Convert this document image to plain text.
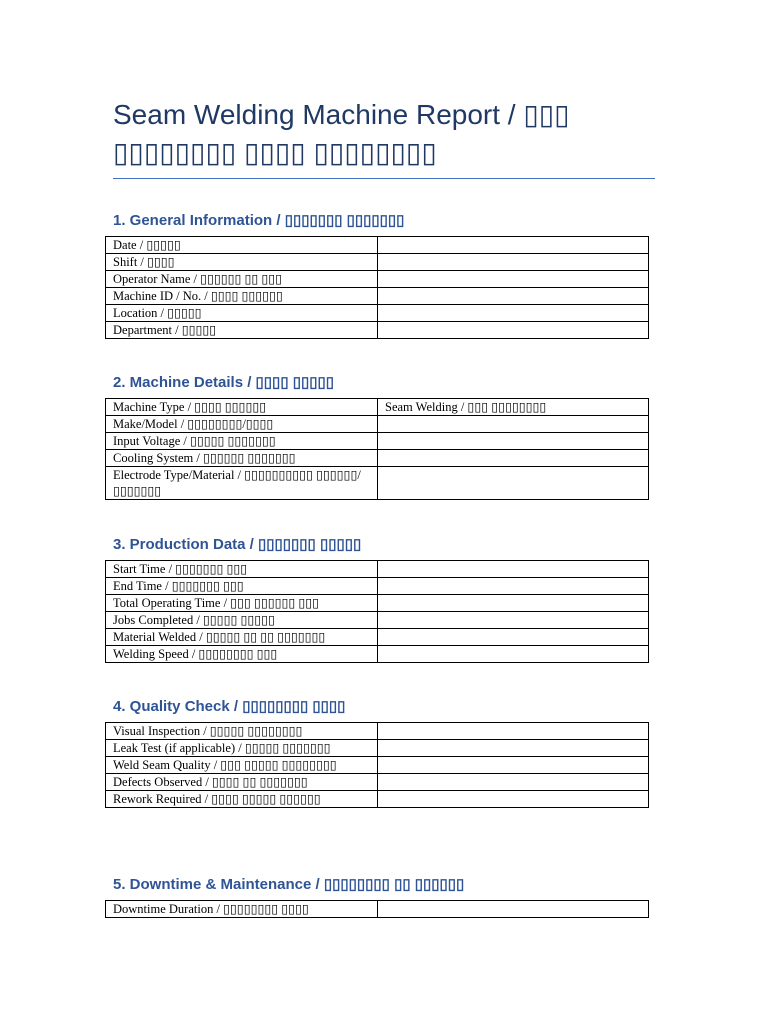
Seam Welding Machine Report / ▯▯▯ ▯▯▯▯▯▯▯▯ ▯▯▯▯ ▯▯▯▯▯▯▯▯
1. General Information / ▯▯▯▯▯▯▯ ▯▯▯▯▯▯▯
Date / ▯▯▯▯▯	
Shift / ▯▯▯▯	
Operator Name / ▯▯▯▯▯▯ ▯▯ ▯▯▯	
Machine ID / No. / ▯▯▯▯ ▯▯▯▯▯▯	
Location / ▯▯▯▯▯	
Department / ▯▯▯▯▯	
2. Machine Details / ▯▯▯▯ ▯▯▯▯▯
Machine Type / ▯▯▯▯ ▯▯▯▯▯▯	Seam Welding / ▯▯▯ ▯▯▯▯▯▯▯▯
Make/Model / ▯▯▯▯▯▯▯▯/▯▯▯▯	
Input Voltage / ▯▯▯▯▯ ▯▯▯▯▯▯▯	
Cooling System / ▯▯▯▯▯▯ ▯▯▯▯▯▯▯	
Electrode Type/Material / ▯▯▯▯▯▯▯▯▯▯ ▯▯▯▯▯▯/▯▯▯▯▯▯▯	
3. Production Data / ▯▯▯▯▯▯▯ ▯▯▯▯▯
Start Time / ▯▯▯▯▯▯▯ ▯▯▯	
End Time / ▯▯▯▯▯▯▯ ▯▯▯	
Total Operating Time / ▯▯▯ ▯▯▯▯▯▯ ▯▯▯	
Jobs Completed / ▯▯▯▯▯ ▯▯▯▯▯	
Material Welded / ▯▯▯▯▯ ▯▯ ▯▯ ▯▯▯▯▯▯▯	
Welding Speed / ▯▯▯▯▯▯▯▯ ▯▯▯	
4. Quality Check / ▯▯▯▯▯▯▯▯ ▯▯▯▯
Visual Inspection / ▯▯▯▯▯ ▯▯▯▯▯▯▯▯	
Leak Test (if applicable) / ▯▯▯▯▯ ▯▯▯▯▯▯▯	
Weld Seam Quality / ▯▯▯ ▯▯▯▯▯ ▯▯▯▯▯▯▯▯	
Defects Observed / ▯▯▯▯ ▯▯ ▯▯▯▯▯▯▯	
Rework Required / ▯▯▯▯ ▯▯▯▯▯ ▯▯▯▯▯▯	
5. Downtime & Maintenance / ▯▯▯▯▯▯▯▯ ▯▯ ▯▯▯▯▯▯
Downtime Duration / ▯▯▯▯▯▯▯▯ ▯▯▯▯	
